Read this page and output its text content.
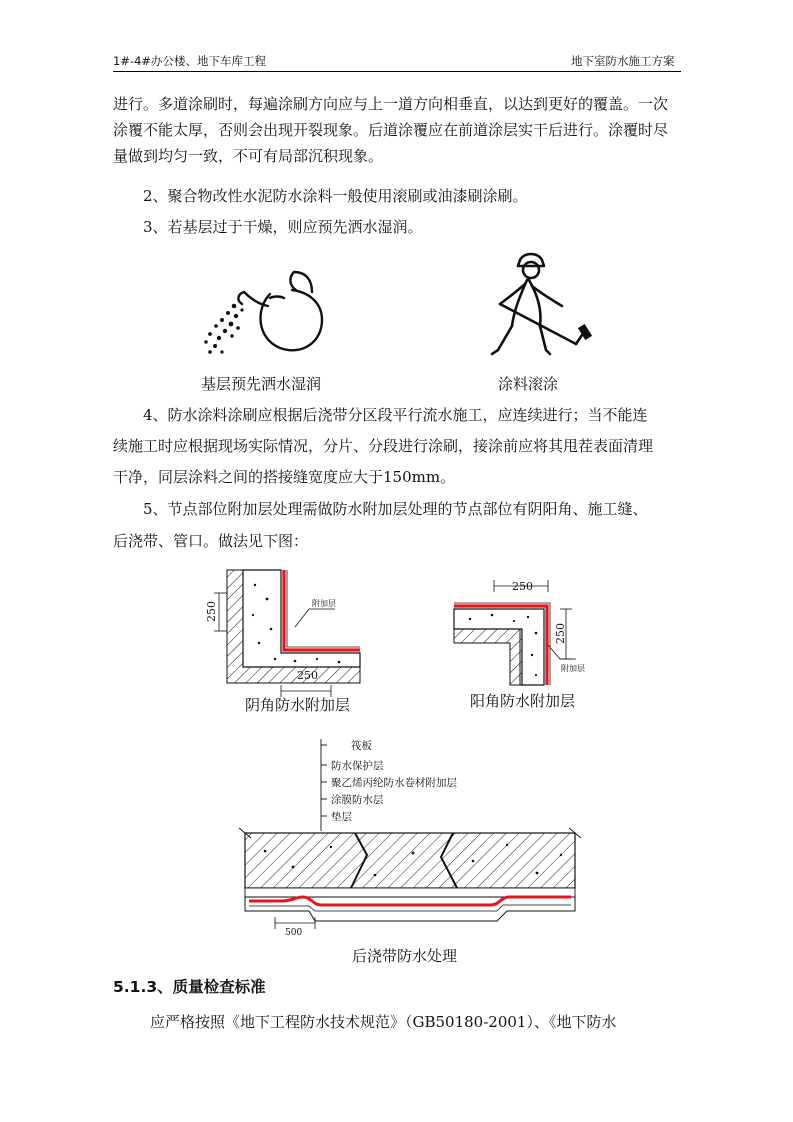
1#-4#办公楼、地下车库工程	地下室防水施工方案
进行。多道涂刷时，每遍涂刷方向应与上一道方向相垂直，以达到更好的覆盖。一次
涂覆不能太厚，否则会出现开裂现象。后道涂覆应在前道涂层实干后进行。涂覆时尽
量做到均匀一致，不可有局部沉积现象。
2、聚合物改性水泥防水涂料一般使用滚刷或油漆刷涂刷。
3、若基层过于干燥，则应预先洒水湿润。
基层预先洒水湿润	涂料滚涂
4、防水涂料涂刷应根据后浇带分区段平行流水施工，应连续进行；当不能连
续施工时应根据现场实际情况，分片、分段进行涂刷，接涂前应将其甩茬表面清理
干净，同层涂料之间的搭接缝宽度应大于150mm。
5、节点部位附加层处理需做防水附加层处理的节点部位有阴阳角、施工缝、
后浇带、管口。做法见下图：
附加层
250
250
阴角防水附加层
250
250
附加层
阳角防水附加层
筏板
防水保护层
聚乙烯丙纶防水卷材附加层
涂膜防水层
垫层
500
后浇带防水处理
5.1.3、质量检查标准
应严格按照《地下工程防水技术规范》（GB50180-2001）、《地下防水
